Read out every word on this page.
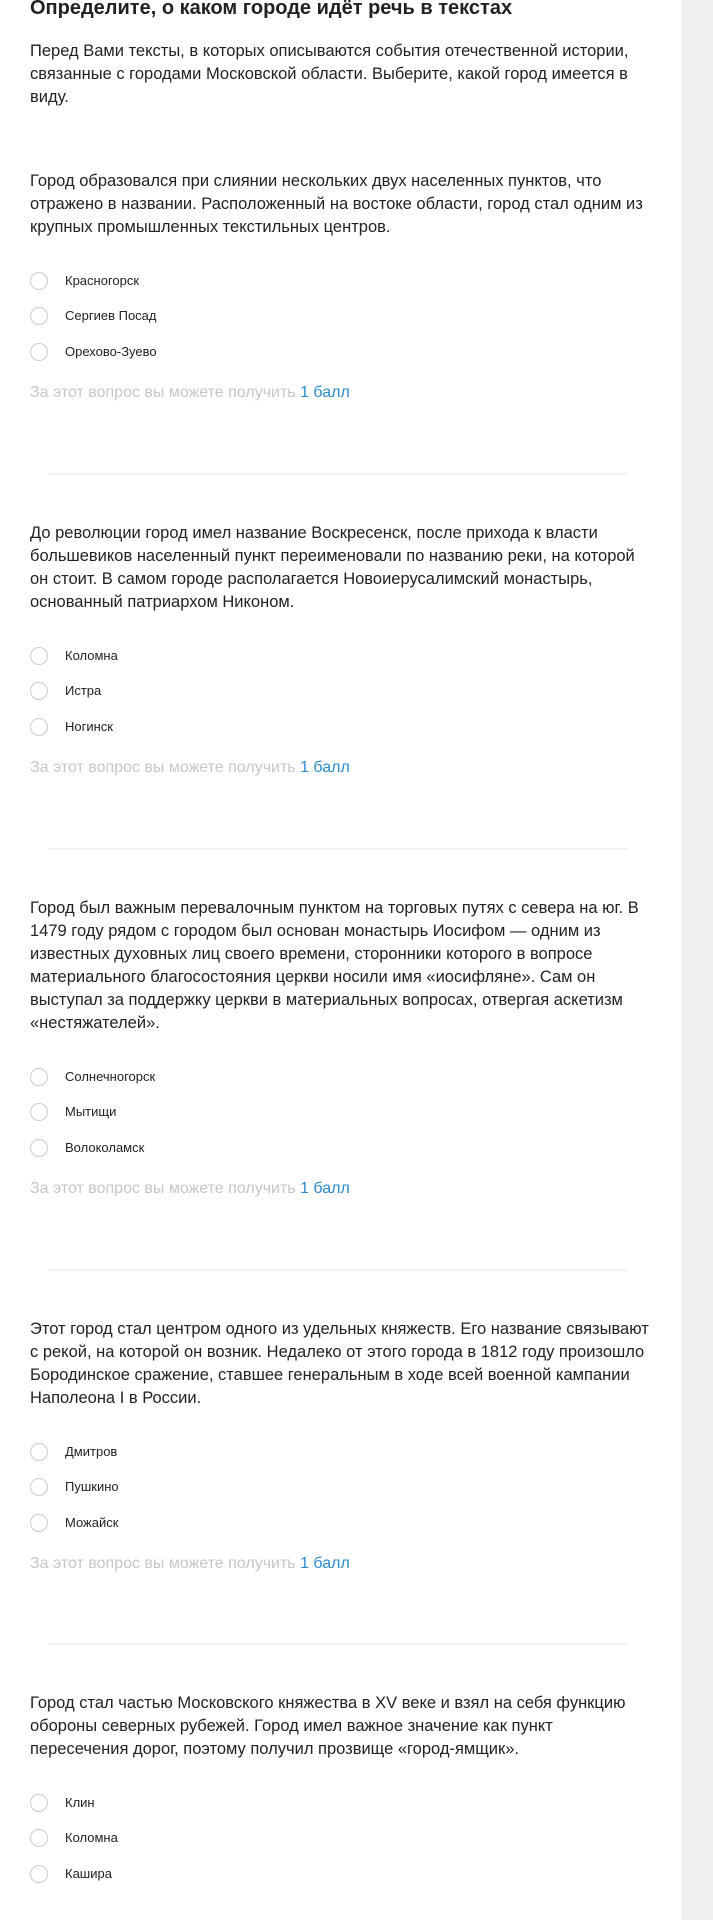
Определите, о каком городе идёт речь в текстах

Перед Вами тексты, в которых описываются события отечественной истории, связанные с городами Московской области. Выберите, какой город имеется в виду.

Город образовался при слиянии нескольких двух населенных пунктов, что отражено в названии. Расположенный на востоке области, город стал одним из крупных промышленных текстильных центров.

Красногорск
Сергиев Посад
Орехово-Зуево
За этот вопрос вы можете получить 1 балл

До революции город имел название Воскресенск, после прихода к власти большевиков населенный пункт переименовали по названию реки, на которой он стоит. В самом городе располагается Новоиерусалимский монастырь, основанный патриархом Никоном.

Коломна
Истра
Ногинск
За этот вопрос вы можете получить 1 балл

Город был важным перевалочным пунктом на торговых путях с севера на юг. В 1479 году рядом с городом был основан монастырь Иосифом — одним из известных духовных лиц своего времени, сторонники которого в вопросе материального благосостояния церкви носили имя «иосифляне». Сам он выступал за поддержку церкви в материальных вопросах, отвергая аскетизм «нестяжателей».

Солнечногорск
Мытищи
Волоколамск
За этот вопрос вы можете получить 1 балл

Этот город стал центром одного из удельных княжеств. Его название связывают с рекой, на которой он возник. Недалеко от этого города в 1812 году произошло Бородинское сражение, ставшее генеральным в ходе всей военной кампании Наполеона I в России.

Дмитров
Пушкино
Можайск
За этот вопрос вы можете получить 1 балл

Город стал частью Московского княжества в XV веке и взял на себя функцию обороны северных рубежей. Город имел важное значение как пункт пересечения дорог, поэтому получил прозвище «город-ямщик».

Клин
Коломна
Кашира
